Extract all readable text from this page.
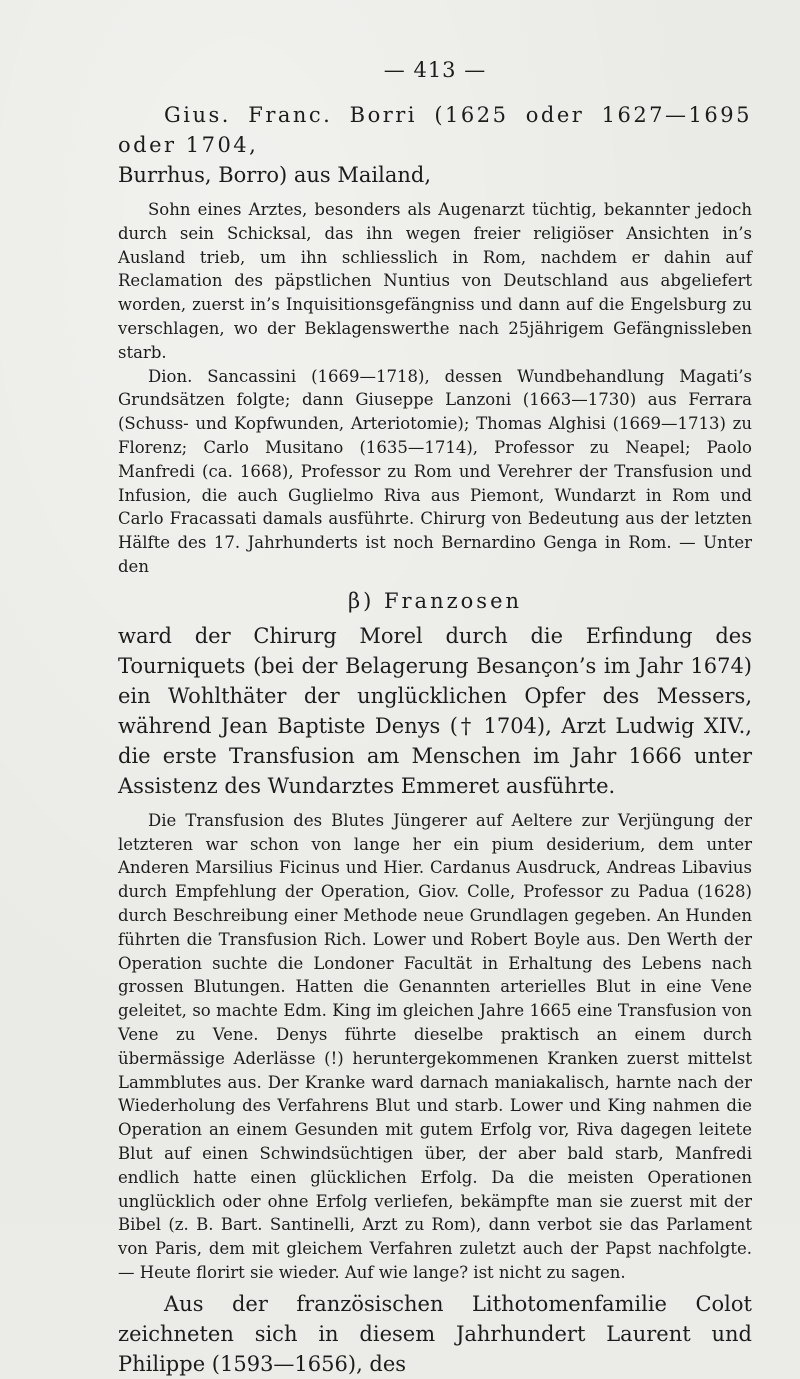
— 413 —

Gius. Franc. Borri (1625 oder 1627—1695 oder 1704,

Burrhus, Borro) aus Mailand,

Sohn eines Arztes, besonders als Augenarzt tüchtig, bekannter jedoch durch sein Schicksal, das ihn wegen freier religiöser Ansichten in’s Ausland trieb, um ihn schliesslich in Rom, nachdem er dahin auf Reclamation des päpstlichen Nuntius von Deutschland aus abgeliefert worden, zuerst in’s Inquisitionsgefängniss und dann auf die Engelsburg zu verschlagen, wo der Beklagenswerthe nach 25jährigem Gefängnissleben starb.

Dion. Sancassini (1669—1718), dessen Wundbehandlung Magati’s Grundsätzen folgte; dann Giuseppe Lanzoni (1663—1730) aus Ferrara (Schuss- und Kopfwunden, Arteriotomie); Thomas Alghisi (1669—1713) zu Florenz; Carlo Musitano (1635—1714), Professor zu Neapel; Paolo Manfredi (ca. 1668), Professor zu Rom und Verehrer der Transfusion und Infusion, die auch Guglielmo Riva aus Piemont, Wundarzt in Rom und Carlo Fracassati damals ausführte. Chirurg von Bedeutung aus der letzten Hälfte des 17. Jahrhunderts ist noch Bernardino Genga in Rom. — Unter den

β) Franzosen

ward der Chirurg Morel durch die Erfindung des Tourniquets (bei der Belagerung Besançon’s im Jahr 1674) ein Wohlthäter der unglücklichen Opfer des Messers, während Jean Baptiste Denys († 1704), Arzt Ludwig XIV., die erste Transfusion am Menschen im Jahr 1666 unter Assistenz des Wundarztes Emmeret ausführte.

Die Transfusion des Blutes Jüngerer auf Aeltere zur Verjüngung der letzteren war schon von lange her ein pium desiderium, dem unter Anderen Marsilius Ficinus und Hier. Cardanus Ausdruck, Andreas Libavius durch Empfehlung der Operation, Giov. Colle, Professor zu Padua (1628) durch Beschreibung einer Methode neue Grundlagen gegeben. An Hunden führten die Transfusion Rich. Lower und Robert Boyle aus. Den Werth der Operation suchte die Londoner Facultät in Erhaltung des Lebens nach grossen Blutungen. Hatten die Genannten arterielles Blut in eine Vene geleitet, so machte Edm. King im gleichen Jahre 1665 eine Transfusion von Vene zu Vene. Denys führte dieselbe praktisch an einem durch übermässige Aderlässe (!) heruntergekommenen Kranken zuerst mittelst Lammblutes aus. Der Kranke ward darnach maniakalisch, harnte nach der Wiederholung des Verfahrens Blut und starb. Lower und King nahmen die Operation an einem Gesunden mit gutem Erfolg vor, Riva dagegen leitete Blut auf einen Schwindsüchtigen über, der aber bald starb, Manfredi endlich hatte einen glücklichen Erfolg. Da die meisten Operationen unglücklich oder ohne Erfolg verliefen, bekämpfte man sie zuerst mit der Bibel (z. B. Bart. Santinelli, Arzt zu Rom), dann verbot sie das Parlament von Paris, dem mit gleichem Verfahren zuletzt auch der Papst nachfolgte. — Heute florirt sie wieder. Auf wie lange? ist nicht zu sagen.

Aus der französischen Lithotomenfamilie Colot zeichneten sich in diesem Jahrhundert Laurent und Philippe (1593—1656), des
